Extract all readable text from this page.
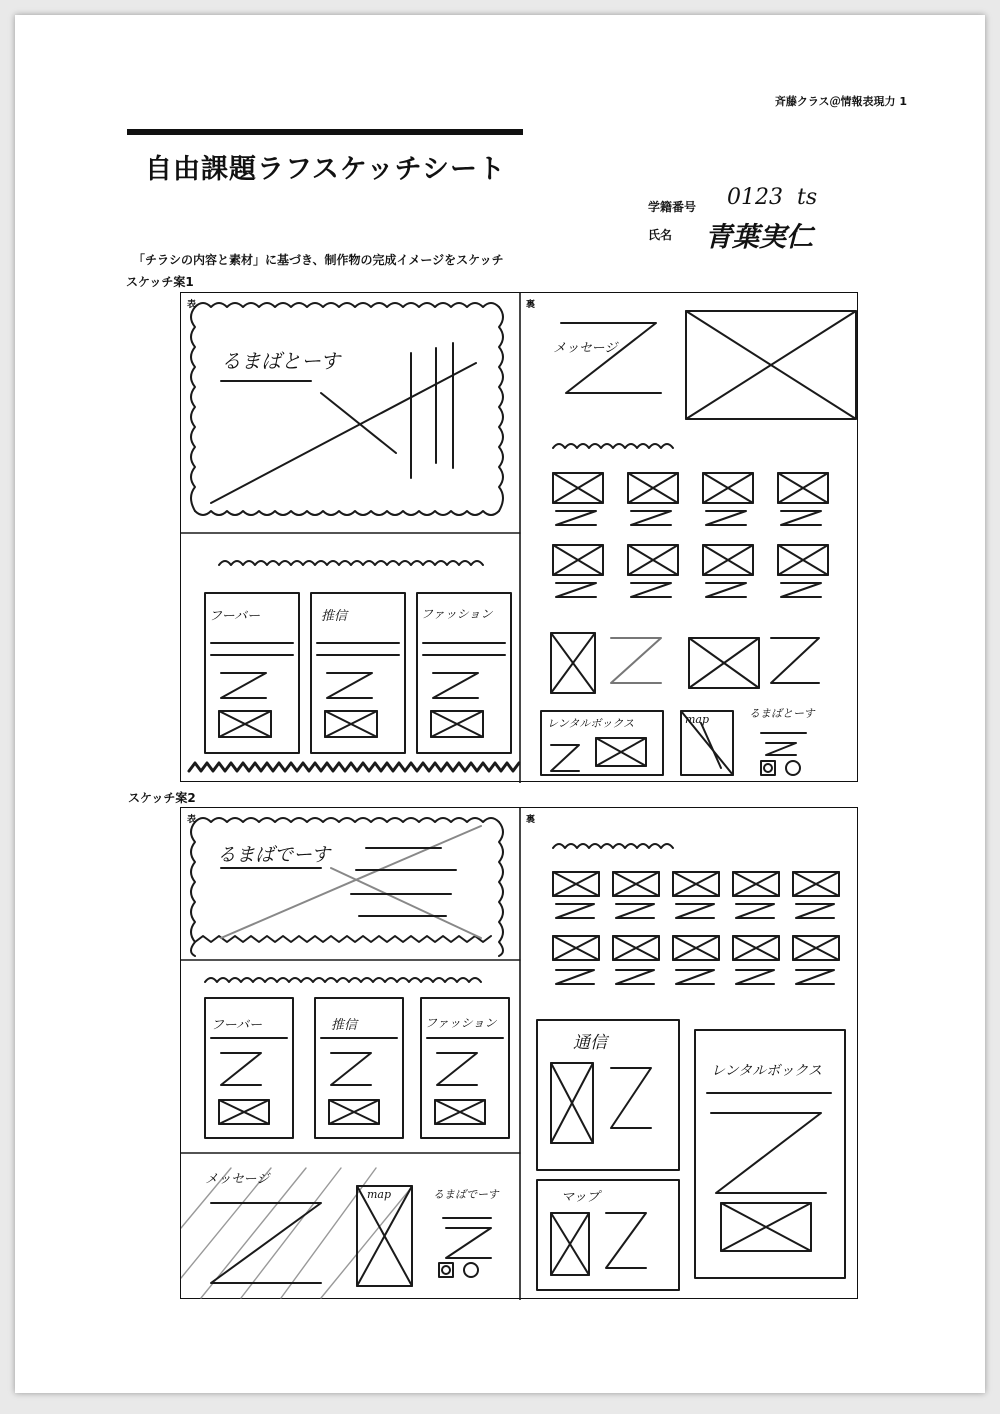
斉藤クラス＠情報表現力 1
自由課題ラフスケッチシート
学籍番号 0123  ts
氏名 青葉実仁
「チラシの内容と素材」に基づき、制作物の完成イメージをスケッチ
スケッチ案1
表	裏
るまばとーす
フーバー	推信	ファッション
メッセージ
レンタルボックス	map	るまばとーす
スケッチ案2
表	裏
るまばでーす
フーバー	推信	ファッション
メッセージ
map	るまばでーす
通信
レンタルボックス
マップ
